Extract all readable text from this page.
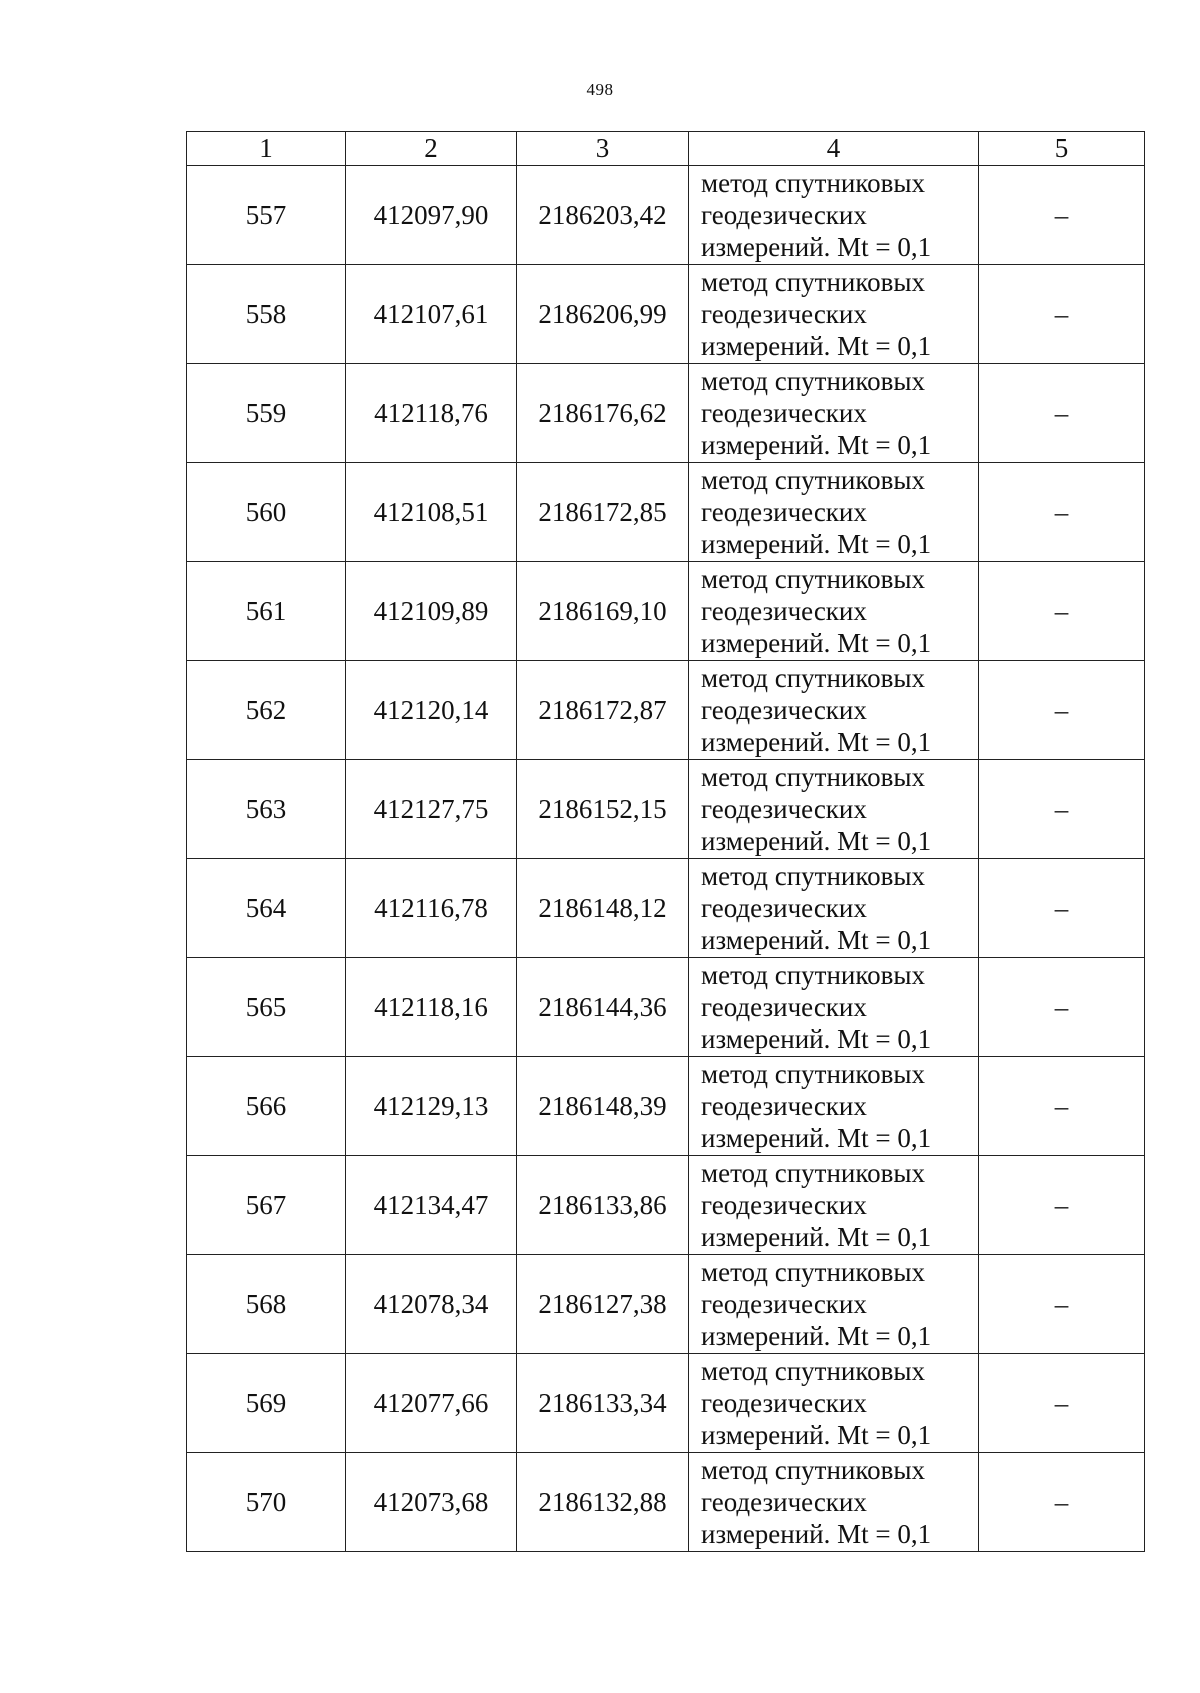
498
1	2	3	4	5
557	412097,90	2186203,42	метод спутниковых
геодезических
измерений. Mt = 0,1	–
558	412107,61	2186206,99	метод спутниковых
геодезических
измерений. Mt = 0,1	–
559	412118,76	2186176,62	метод спутниковых
геодезических
измерений. Mt = 0,1	–
560	412108,51	2186172,85	метод спутниковых
геодезических
измерений. Mt = 0,1	–
561	412109,89	2186169,10	метод спутниковых
геодезических
измерений. Mt = 0,1	–
562	412120,14	2186172,87	метод спутниковых
геодезических
измерений. Mt = 0,1	–
563	412127,75	2186152,15	метод спутниковых
геодезических
измерений. Mt = 0,1	–
564	412116,78	2186148,12	метод спутниковых
геодезических
измерений. Mt = 0,1	–
565	412118,16	2186144,36	метод спутниковых
геодезических
измерений. Mt = 0,1	–
566	412129,13	2186148,39	метод спутниковых
геодезических
измерений. Mt = 0,1	–
567	412134,47	2186133,86	метод спутниковых
геодезических
измерений. Mt = 0,1	–
568	412078,34	2186127,38	метод спутниковых
геодезических
измерений. Mt = 0,1	–
569	412077,66	2186133,34	метод спутниковых
геодезических
измерений. Mt = 0,1	–
570	412073,68	2186132,88	метод спутниковых
геодезических
измерений. Mt = 0,1	–
